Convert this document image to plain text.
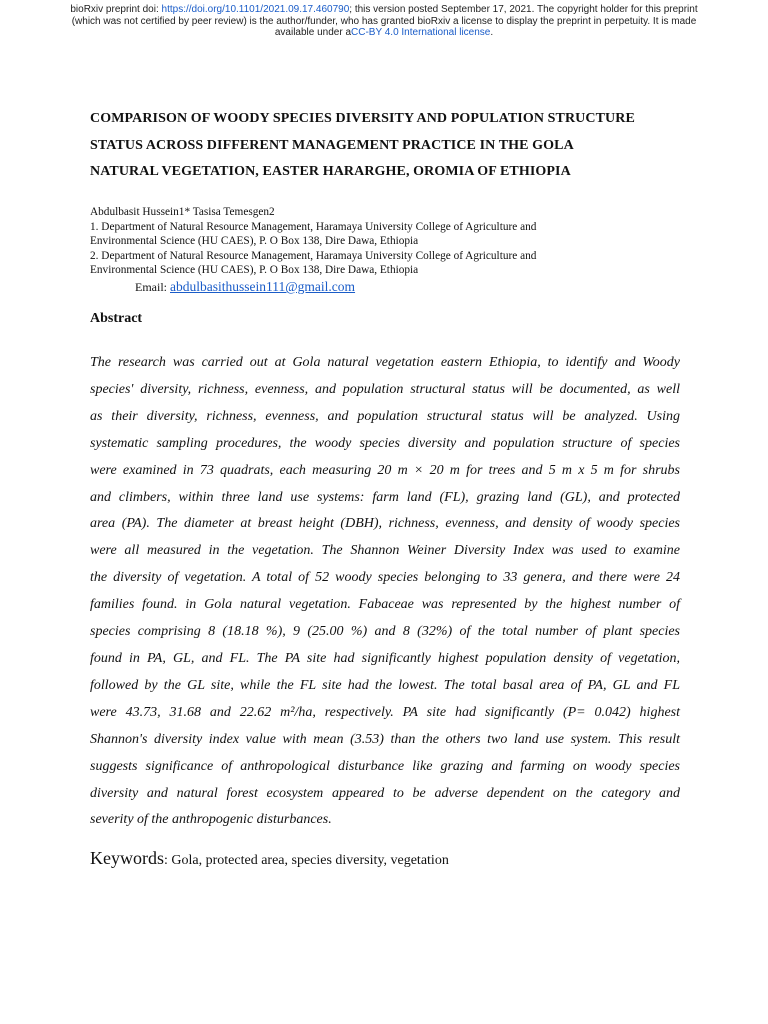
bioRxiv preprint doi: https://doi.org/10.1101/2021.09.17.460790; this version posted September 17, 2021. The copyright holder for this preprint
(which was not certified by peer review) is the author/funder, who has granted bioRxiv a license to display the preprint in perpetuity. It is made
available under aCC-BY 4.0 International license.
COMPARISON OF WOODY SPECIES DIVERSITY AND POPULATION STRUCTURE
STATUS ACROSS DIFFERENT MANAGEMENT PRACTICE IN THE GOLA
NATURAL VEGETATION, EASTER HARARGHE, OROMIA OF ETHIOPIA
Abdulbasit Hussein1* Tasisa Temesgen2
1. Department of Natural Resource Management, Haramaya University College of Agriculture and
Environmental Science (HU CAES), P. O Box 138, Dire Dawa, Ethiopia
2. Department of Natural Resource Management, Haramaya University College of Agriculture and
Environmental Science (HU CAES), P. O Box 138, Dire Dawa, Ethiopia
Email: abdulbasithussein111@gmail.com
Abstract
The research was carried out at Gola natural vegetation eastern Ethiopia, to identify and Woody
species' diversity, richness, evenness, and population structural status will be documented, as well
as their diversity, richness, evenness, and population structural status will be analyzed. Using
systematic sampling procedures, the woody species diversity and population structure of species
were examined in 73 quadrats, each measuring 20 m × 20 m for trees and 5 m x 5 m for shrubs
and climbers, within three land use systems: farm land (FL), grazing land (GL), and protected
area (PA). The diameter at breast height (DBH), richness, evenness, and density of woody species
were all measured in the vegetation. The Shannon Weiner Diversity Index was used to examine
the diversity of vegetation. A total of 52 woody species belonging to 33 genera, and there were 24
families found. in Gola natural vegetation. Fabaceae was represented by the highest number of
species comprising 8 (18.18 %), 9 (25.00 %) and 8 (32%) of the total number of plant species
found in PA, GL, and FL. The PA site had significantly highest population density of vegetation,
followed by the GL site, while the FL site had the lowest. The total basal area of PA, GL and FL
were 43.73, 31.68 and 22.62 m²/ha, respectively. PA site had significantly (P= 0.042) highest
Shannon's diversity index value with mean (3.53) than the others two land use system. This result
suggests significance of anthropological disturbance like grazing and farming on woody species
diversity and natural forest ecosystem appeared to be adverse dependent on the category and
severity of the anthropogenic disturbances.
Keywords: Gola, protected area, species diversity, vegetation
